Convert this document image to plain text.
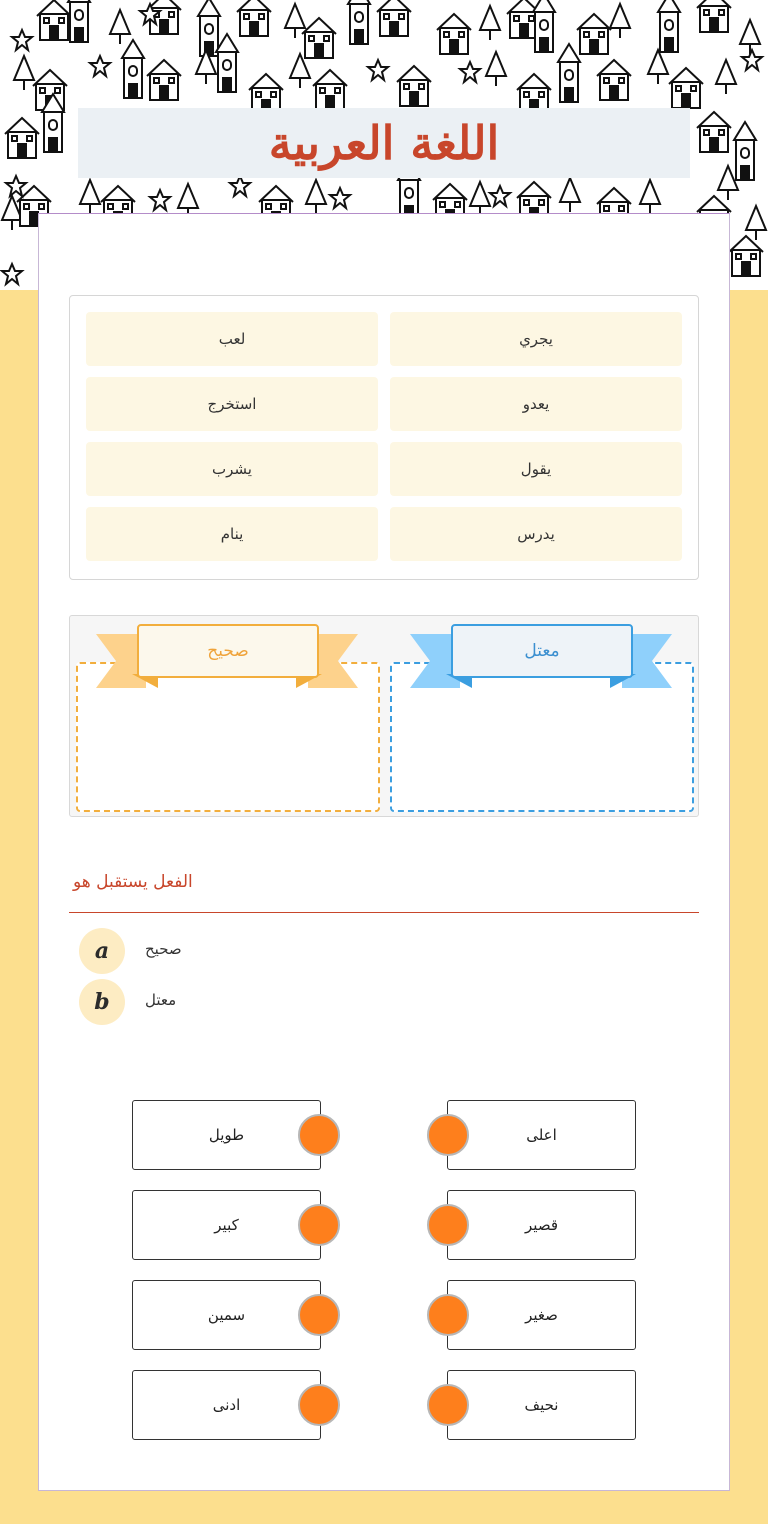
اللغة العربية
يجري
لعب
يعدو
استخرج
يقول
يشرب
يدرس
ينام
معتل
صحيح
الفعل يستقبل هو
a	صحيح
b	معتل
طويل
كبير
سمين
ادنى
اعلى
قصير
صغير
نحيف
